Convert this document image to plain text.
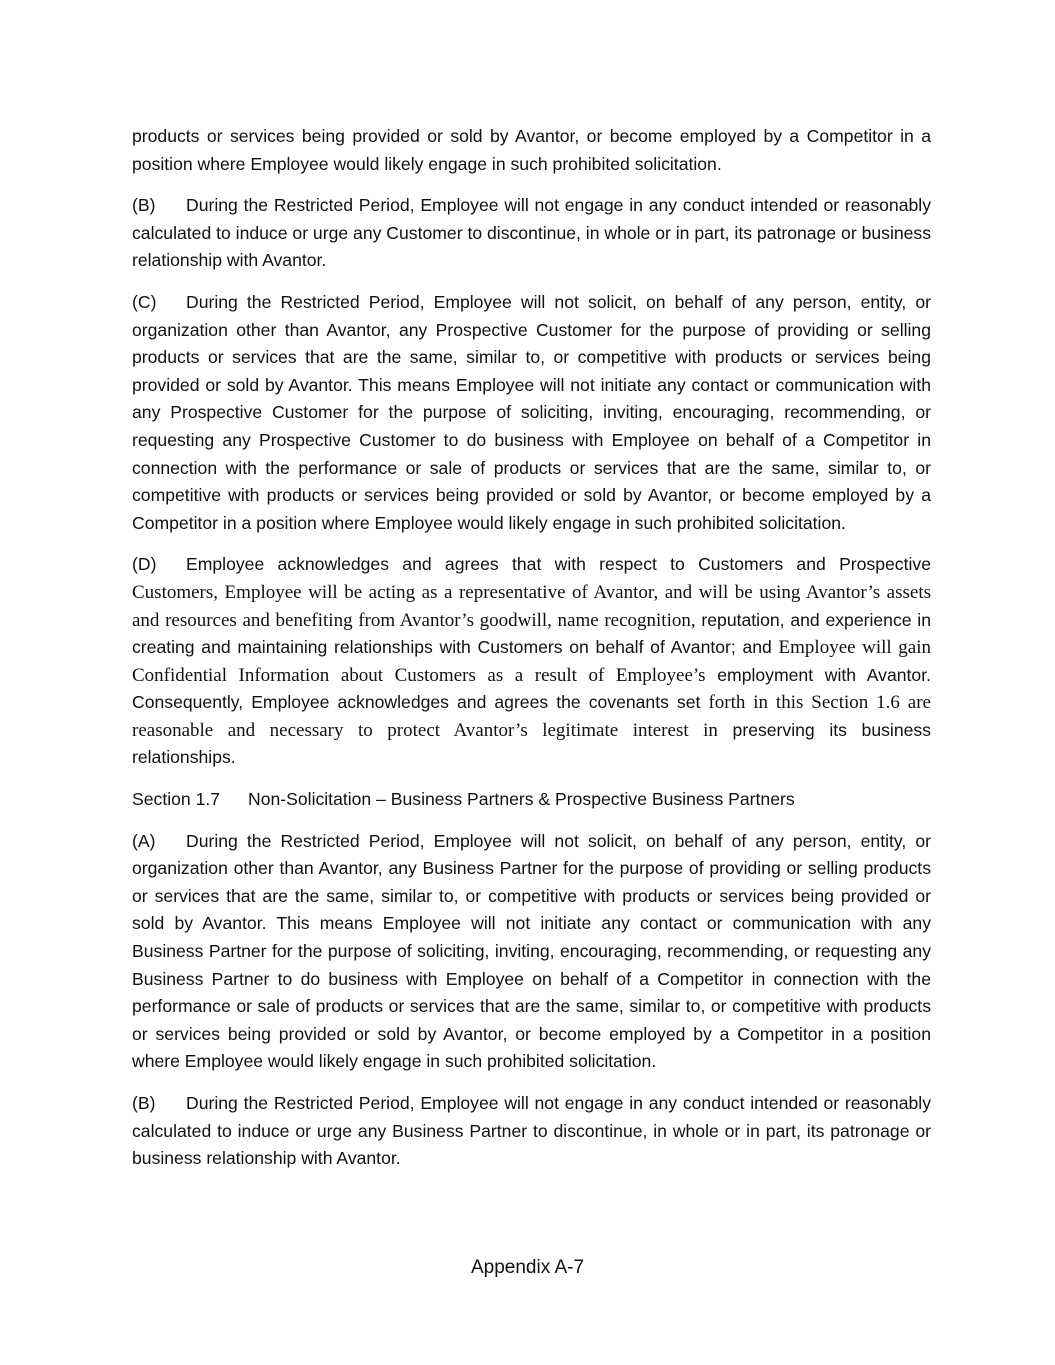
products or services being provided or sold by Avantor, or become employed by a Competitor in a position where Employee would likely engage in such prohibited solicitation.

(B) During the Restricted Period, Employee will not engage in any conduct intended or reasonably calculated to induce or urge any Customer to discontinue, in whole or in part, its patronage or business relationship with Avantor.

(C) During the Restricted Period, Employee will not solicit, on behalf of any person, entity, or organization other than Avantor, any Prospective Customer for the purpose of providing or selling products or services that are the same, similar to, or competitive with products or services being provided or sold by Avantor. This means Employee will not initiate any contact or communication with any Prospective Customer for the purpose of soliciting, inviting, encouraging, recommending, or requesting any Prospective Customer to do business with Employee on behalf of a Competitor in connection with the performance or sale of products or services that are the same, similar to, or competitive with products or services being provided or sold by Avantor, or become employed by a Competitor in a position where Employee would likely engage in such prohibited solicitation.

(D) Employee acknowledges and agrees that with respect to Customers and Prospective Customers, Employee will be acting as a representative of Avantor, and will be using Avantor’s assets and resources and benefiting from Avantor’s goodwill, name recognition, reputation, and experience in creating and maintaining relationships with Customers on behalf of Avantor; and Employee will gain Confidential Information about Customers as a result of Employee’s employment with Avantor. Consequently, Employee acknowledges and agrees the covenants set forth in this Section 1.6 are reasonable and necessary to protect Avantor’s legitimate interest in preserving its business relationships.

Section 1.7 Non-Solicitation – Business Partners & Prospective Business Partners

(A) During the Restricted Period, Employee will not solicit, on behalf of any person, entity, or organization other than Avantor, any Business Partner for the purpose of providing or selling products or services that are the same, similar to, or competitive with products or services being provided or sold by Avantor. This means Employee will not initiate any contact or communication with any Business Partner for the purpose of soliciting, inviting, encouraging, recommending, or requesting any Business Partner to do business with Employee on behalf of a Competitor in connection with the performance or sale of products or services that are the same, similar to, or competitive with products or services being provided or sold by Avantor, or become employed by a Competitor in a position where Employee would likely engage in such prohibited solicitation.

(B) During the Restricted Period, Employee will not engage in any conduct intended or reasonably calculated to induce or urge any Business Partner to discontinue, in whole or in part, its patronage or business relationship with Avantor.

Appendix A-7
